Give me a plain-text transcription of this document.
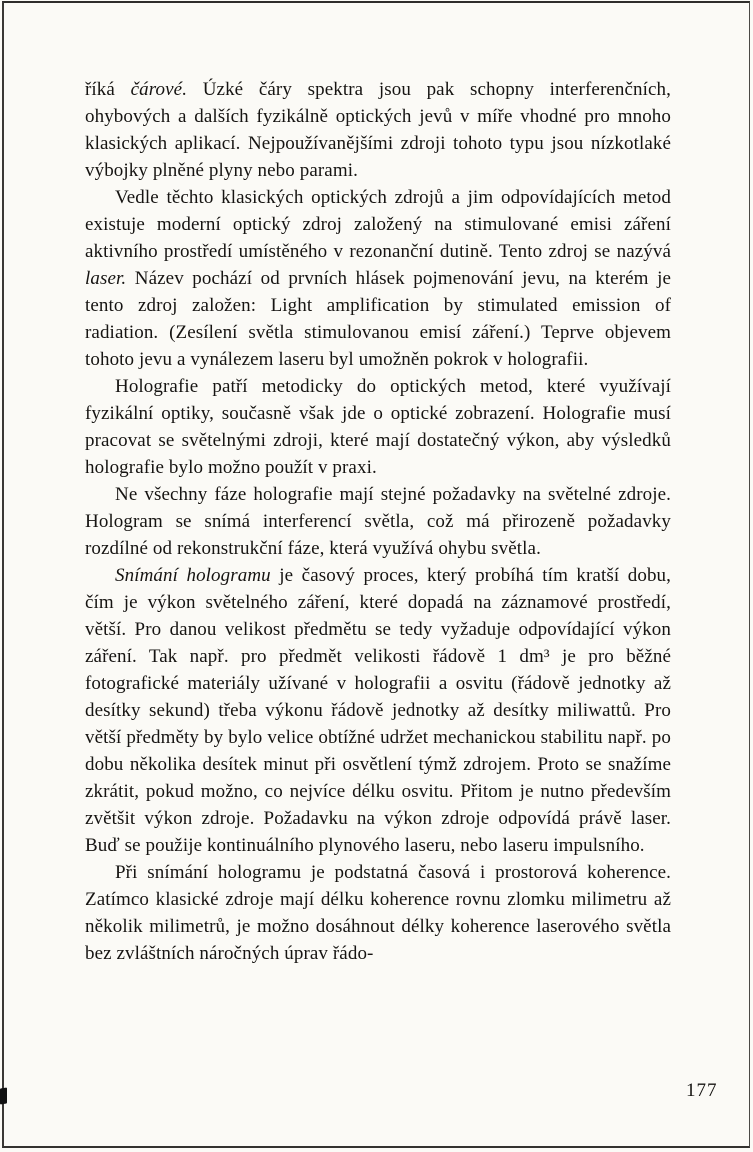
říká čárové. Úzké čáry spektra jsou pak schopny interferenčních, ohybových a dalších fyzikálně optických jevů v míře vhodné pro mnoho klasických aplikací. Nejpoužívanějšími zdroji tohoto typu jsou nízkotlaké výbojky plněné plyny nebo parami.

Vedle těchto klasických optických zdrojů a jim odpovídajících metod existuje moderní optický zdroj založený na stimulované emisi záření aktivního prostředí umístěného v rezonanční dutině. Tento zdroj se nazývá laser. Název pochází od prvních hlásek pojmenování jevu, na kterém je tento zdroj založen: Light amplification by stimulated emission of radiation. (Zesílení světla stimulovanou emisí záření.) Teprve objevem tohoto jevu a vynálezem laseru byl umožněn pokrok v holografii.

Holografie patří metodicky do optických metod, které využívají fyzikální optiky, současně však jde o optické zobrazení. Holografie musí pracovat se světelnými zdroji, které mají dostatečný výkon, aby výsledků holografie bylo možno použít v praxi.

Ne všechny fáze holografie mají stejné požadavky na světelné zdroje. Hologram se snímá interferencí světla, což má přirozeně požadavky rozdílné od rekonstrukční fáze, která využívá ohybu světla.

Snímání hologramu je časový proces, který probíhá tím kratší dobu, čím je výkon světelného záření, které dopadá na záznamové prostředí, větší. Pro danou velikost předmětu se tedy vyžaduje odpovídající výkon záření. Tak např. pro předmět velikosti řádově 1 dm³ je pro běžné fotografické materiály užívané v holografii a osvitu (řádově jednotky až desítky sekund) třeba výkonu řádově jednotky až desítky miliwattů. Pro větší předměty by bylo velice obtížné udržet mechanickou stabilitu např. po dobu několika desítek minut při osvětlení týmž zdrojem. Proto se snažíme zkrátit, pokud možno, co nejvíce délku osvitu. Přitom je nutno především zvětšit výkon zdroje. Požadavku na výkon zdroje odpovídá právě laser. Buď se použije kontinuálního plynového laseru, nebo laseru impulsního.

Při snímání hologramu je podstatná časová i prostorová koherence. Zatímco klasické zdroje mají délku koherence rovnu zlomku milimetru až několik milimetrů, je možno dosáhnout délky koherence laserového světla bez zvláštních náročných úprav řádo-

177
